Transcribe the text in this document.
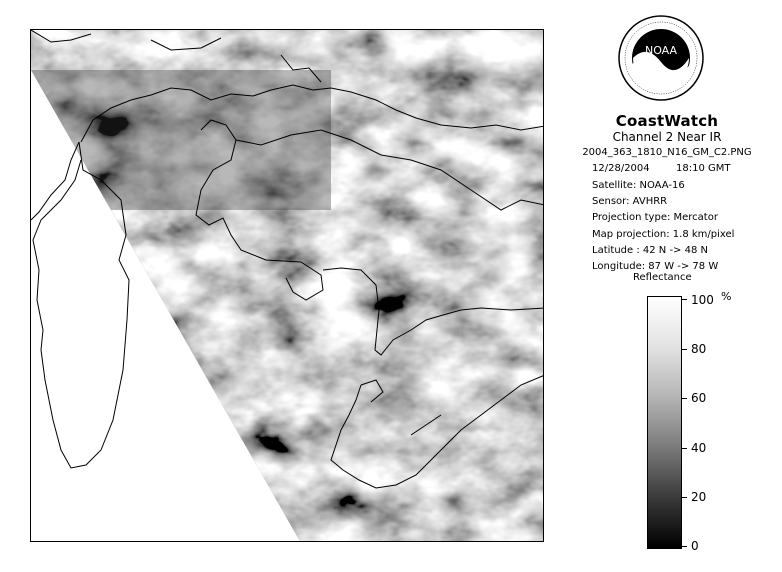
NOAA
CoastWatch
Channel 2 Near IR
2004_363_1810_N16_GM_C2.PNG
12/28/2004	18:10 GMT
Satellite: NOAA-16
Sensor: AVHRR
Projection type: Mercator
Map projection: 1.8 km/pixel
Latitude : 42 N -> 48 N
Longitude: 87 W -> 78 W
Reflectance
%
100
80
60
40
20
0
